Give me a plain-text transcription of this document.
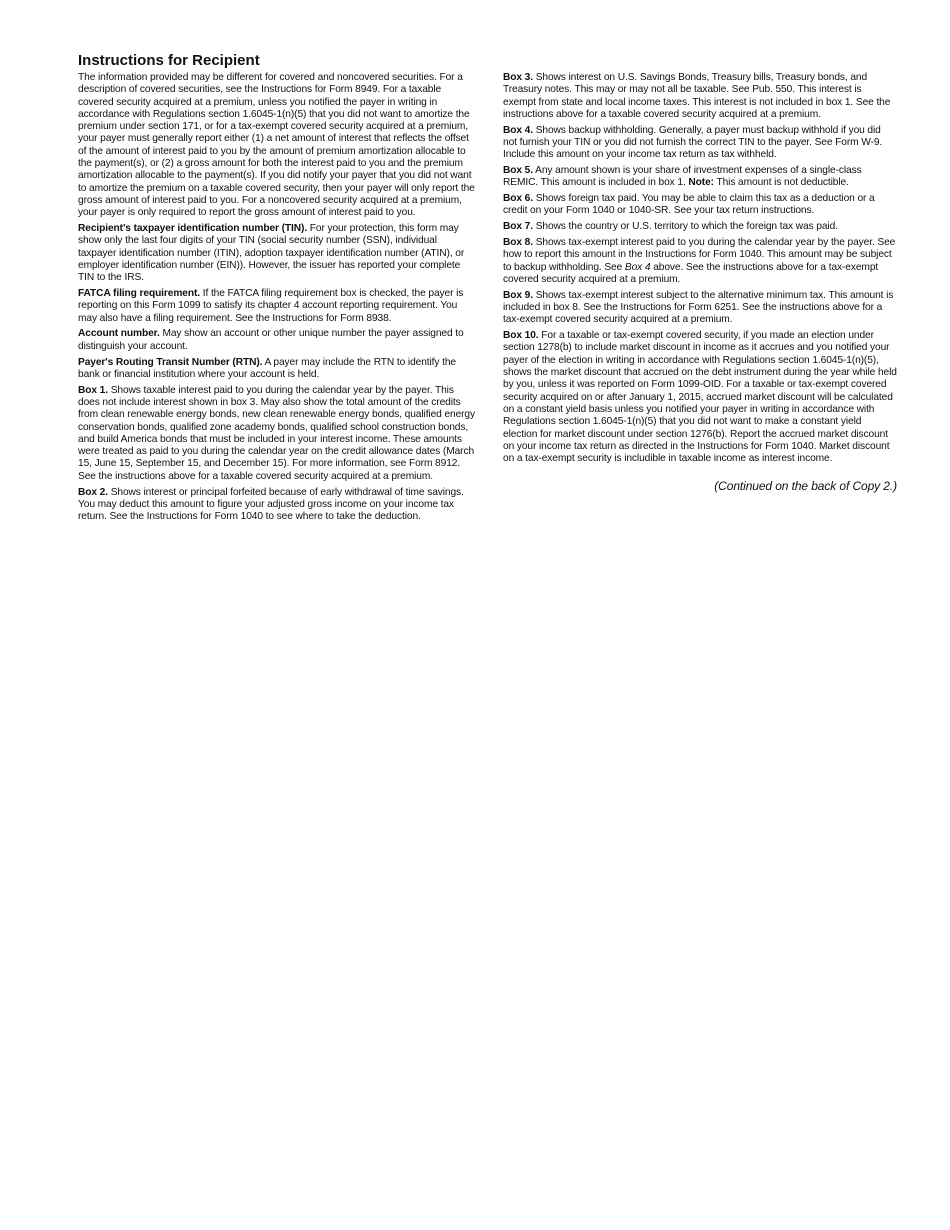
Instructions for Recipient

The information provided may be different for covered and noncovered securities. For a description of covered securities, see the Instructions for Form 8949. For a taxable covered security acquired at a premium, unless you notified the payer in writing in accordance with Regulations section 1.6045-1(n)(5) that you did not want to amortize the premium under section 171, or for a tax-exempt covered security acquired at a premium, your payer must generally report either (1) a net amount of interest that reflects the offset of the amount of interest paid to you by the amount of premium amortization allocable to the payment(s), or (2) a gross amount for both the interest paid to you and the premium amortization allocable to the payment(s). If you did notify your payer that you did not want to amortize the premium on a taxable covered security, then your payer will only report the gross amount of interest paid to you. For a noncovered security acquired at a premium, your payer is only required to report the gross amount of interest paid to you.

Recipient's taxpayer identification number (TIN). For your protection, this form may show only the last four digits of your TIN (social security number (SSN), individual taxpayer identification number (ITIN), adoption taxpayer identification number (ATIN), or employer identification number (EIN)). However, the issuer has reported your complete TIN to the IRS.

FATCA filing requirement. If the FATCA filing requirement box is checked, the payer is reporting on this Form 1099 to satisfy its chapter 4 account reporting requirement. You may also have a filing requirement. See the Instructions for Form 8938.

Account number. May show an account or other unique number the payer assigned to distinguish your account.

Payer's Routing Transit Number (RTN). A payer may include the RTN to identify the bank or financial institution where your account is held.

Box 1. Shows taxable interest paid to you during the calendar year by the payer. This does not include interest shown in box 3. May also show the total amount of the credits from clean renewable energy bonds, new clean renewable energy bonds, qualified energy conservation bonds, qualified zone academy bonds, qualified school construction bonds, and build America bonds that must be included in your interest income. These amounts were treated as paid to you during the calendar year on the credit allowance dates (March 15, June 15, September 15, and December 15). For more information, see Form 8912. See the instructions above for a taxable covered security acquired at a premium.

Box 2. Shows interest or principal forfeited because of early withdrawal of time savings. You may deduct this amount to figure your adjusted gross income on your income tax return. See the Instructions for Form 1040 to see where to take the deduction.

Box 3. Shows interest on U.S. Savings Bonds, Treasury bills, Treasury bonds, and Treasury notes. This may or may not all be taxable. See Pub. 550. This interest is exempt from state and local income taxes. This interest is not included in box 1. See the instructions above for a taxable covered security acquired at a premium.

Box 4. Shows backup withholding. Generally, a payer must backup withhold if you did not furnish your TIN or you did not furnish the correct TIN to the payer. See Form W-9. Include this amount on your income tax return as tax withheld.

Box 5. Any amount shown is your share of investment expenses of a single-class REMIC. This amount is included in box 1. Note: This amount is not deductible.

Box 6. Shows foreign tax paid. You may be able to claim this tax as a deduction or a credit on your Form 1040 or 1040-SR. See your tax return instructions.

Box 7. Shows the country or U.S. territory to which the foreign tax was paid.

Box 8. Shows tax-exempt interest paid to you during the calendar year by the payer. See how to report this amount in the Instructions for Form 1040. This amount may be subject to backup withholding. See Box 4 above. See the instructions above for a tax-exempt covered security acquired at a premium.

Box 9. Shows tax-exempt interest subject to the alternative minimum tax. This amount is included in box 8. See the Instructions for Form 6251. See the instructions above for a tax-exempt covered security acquired at a premium.

Box 10. For a taxable or tax-exempt covered security, if you made an election under section 1278(b) to include market discount in income as it accrues and you notified your payer of the election in writing in accordance with Regulations section 1.6045-1(n)(5), shows the market discount that accrued on the debt instrument during the year while held by you, unless it was reported on Form 1099-OID. For a taxable or tax-exempt covered security acquired on or after January 1, 2015, accrued market discount will be calculated on a constant yield basis unless you notified your payer in writing in accordance with Regulations section 1.6045-1(n)(5) that you did not want to make a constant yield election for market discount under section 1276(b). Report the accrued market discount on your income tax return as directed in the Instructions for Form 1040. Market discount on a tax-exempt security is includible in taxable income as interest income.

(Continued on the back of Copy 2.)
